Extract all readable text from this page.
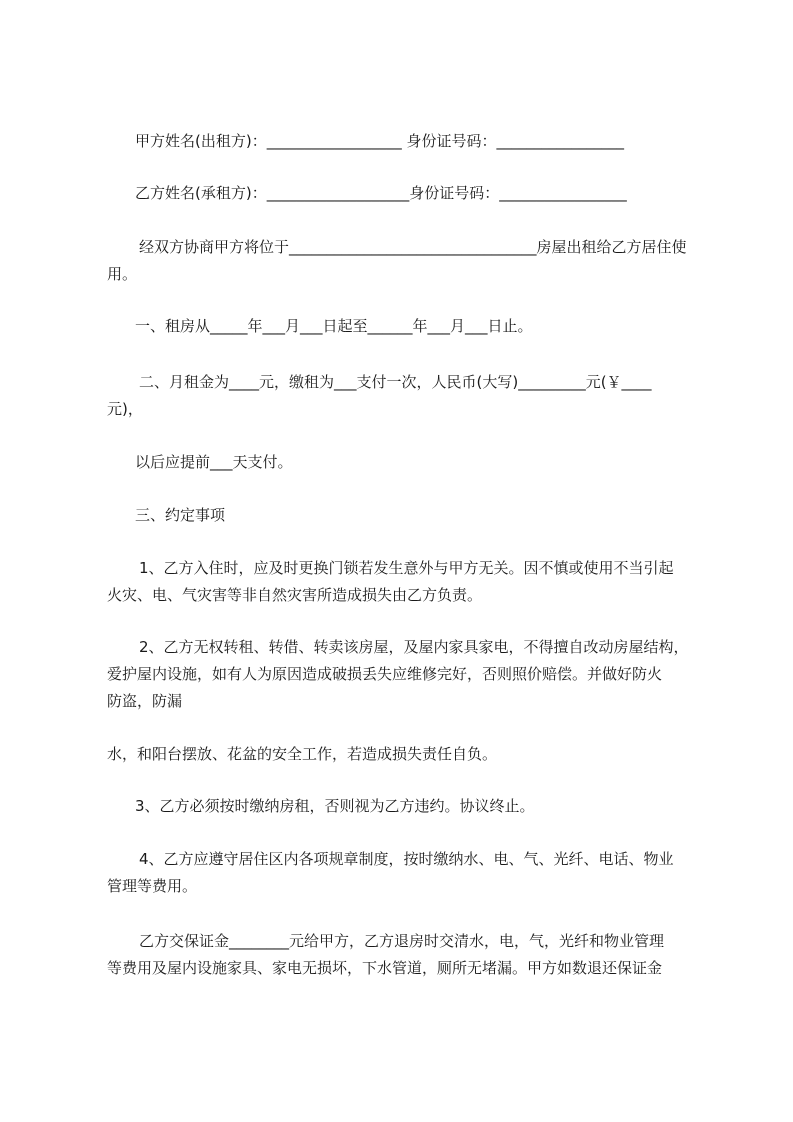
甲方姓名(出租方)：__________________ 身份证号码：_________________
乙方姓名(承租方)：___________________身份证号码：_________________
经双方协商甲方将位于_________________________________房屋出租给乙方居住使
用。
一、租房从_____年___月___日起至______年___月___日止。
二、月租金为____元，缴租为___支付一次，人民币(大写)_________元(￥____
元)，
以后应提前___天支付。
三、约定事项
1、乙方入住时，应及时更换门锁若发生意外与甲方无关。因不慎或使用不当引起
火灾、电、气灾害等非自然灾害所造成损失由乙方负责。
2、乙方无权转租、转借、转卖该房屋，及屋内家具家电，不得擅自改动房屋结构，
爱护屋内设施，如有人为原因造成破损丢失应维修完好，否则照价赔偿。并做好防火
防盗，防漏
水，和阳台摆放、花盆的安全工作，若造成损失责任自负。
3、乙方必须按时缴纳房租，否则视为乙方违约。协议终止。
4、乙方应遵守居住区内各项规章制度，按时缴纳水、电、气、光纤、电话、物业
管理等费用。
乙方交保证金________元给甲方，乙方退房时交清水，电，气，光纤和物业管理
等费用及屋内设施家具、家电无损坏，下水管道，厕所无堵漏。甲方如数退还保证金
